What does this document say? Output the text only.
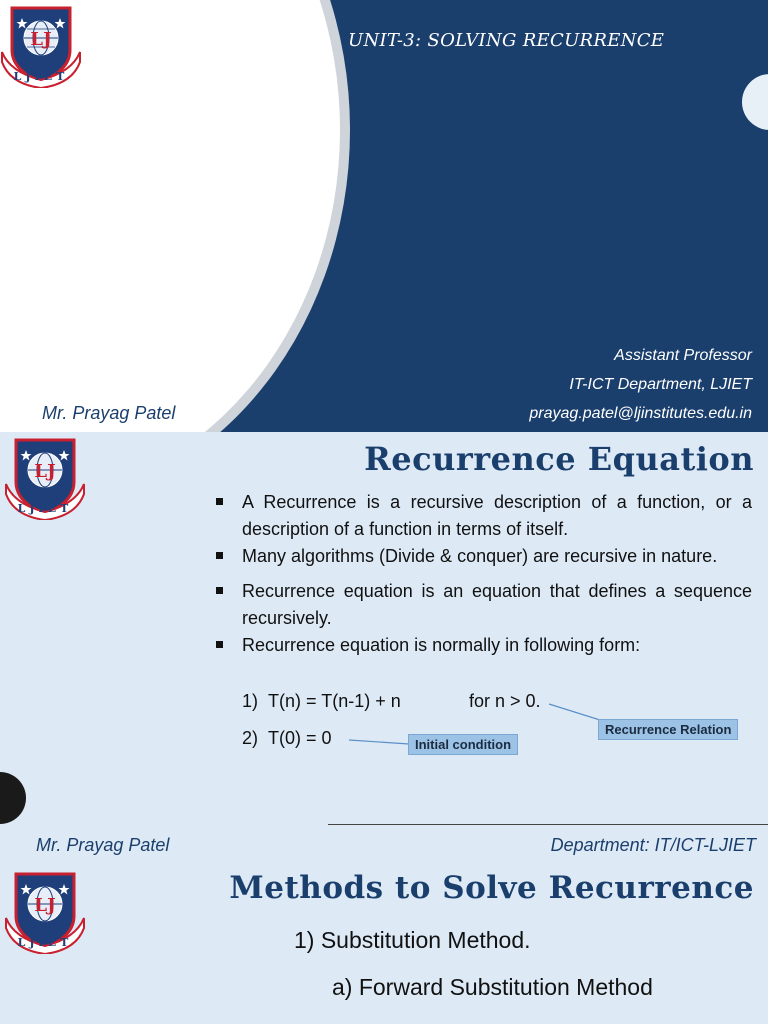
LJ
LJIET
UNIT-3: SOLVING RECURRENCE
Mr. Prayag Patel
Assistant Professor
IT-ICT Department, LJIET
prayag.patel@ljinstitutes.edu.in
LJ
LJIET
Recurrence Equation
A Recurrence is a recursive description of a function, or a description of a function in terms of itself.
Many algorithms (Divide & conquer) are recursive in nature.
Recurrence equation is an equation that defines a sequence recursively.
Recurrence equation is normally in following form:
1) T(n) = T(n-1) + n	for n > 0.
2) T(0) = 0	Recurrence Relation
Initial condition
Mr. Prayag Patel	Department: IT/ICT-LJIET
LJ
LJIET
Methods to Solve Recurrence
1) Substitution Method.
a) Forward Substitution Method
